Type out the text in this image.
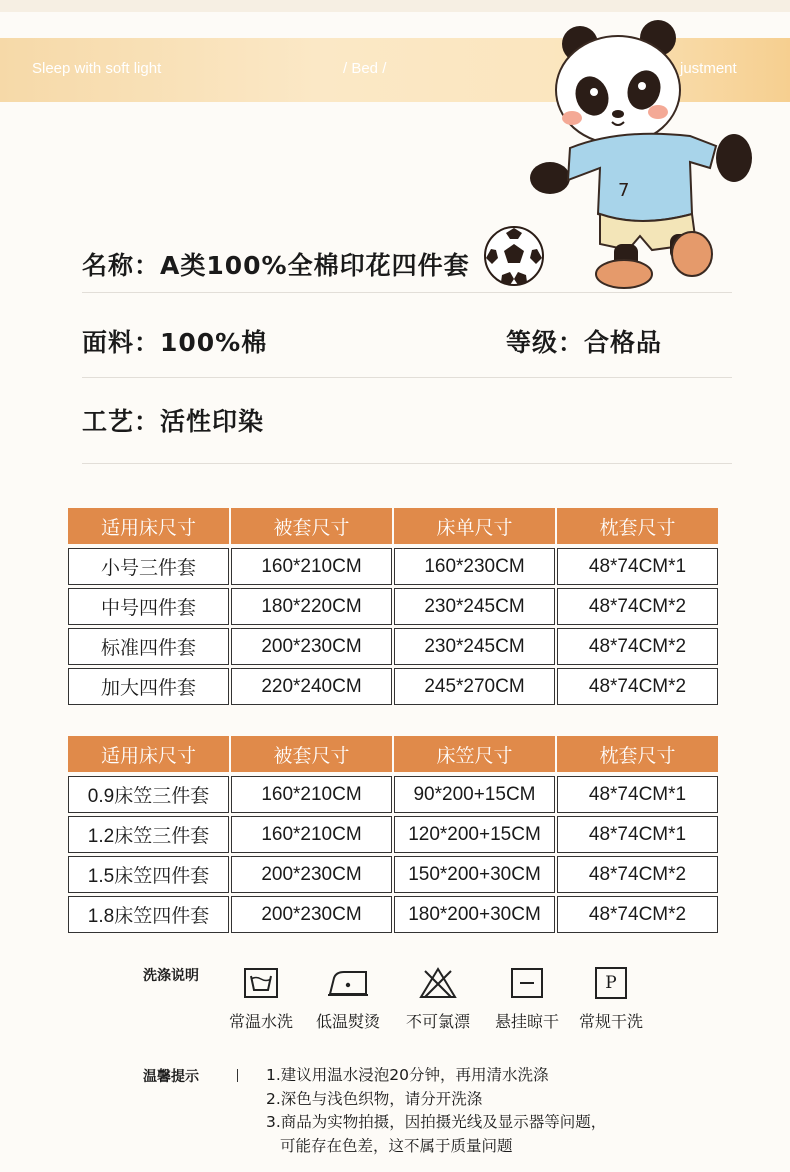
Sleep with soft light	/ Bed /	justment
7
名称：A类100%全棉印花四件套
面料：100%棉	等级：合格品
工艺：活性印染
适用床尺寸	被套尺寸	床单尺寸	枕套尺寸
小号三件套	160*210CM	160*230CM	48*74CM*1

中号四件套	180*220CM	230*245CM	48*74CM*2

标准四件套	200*230CM	230*245CM	48*74CM*2

加大四件套	220*240CM	245*270CM	48*74CM*2
适用床尺寸	被套尺寸	床笠尺寸	枕套尺寸
0.9床笠三件套	160*210CM	90*200+15CM	48*74CM*1

1.2床笠三件套	160*210CM	120*200+15CM	48*74CM*1

1.5床笠四件套	200*230CM	150*200+30CM	48*74CM*2

1.8床笠四件套	200*230CM	180*200+30CM	48*74CM*2
洗涤说明
常温水洗	低温熨烫	不可氯漂	悬挂晾干
P
常规干洗
温馨提示	1.建议用温水浸泡20分钟，再用清水洗涤
2.深色与浅色织物，请分开洗涤
3.商品为实物拍摄，因拍摄光线及显示器等问题，
可能存在色差，这不属于质量问题
